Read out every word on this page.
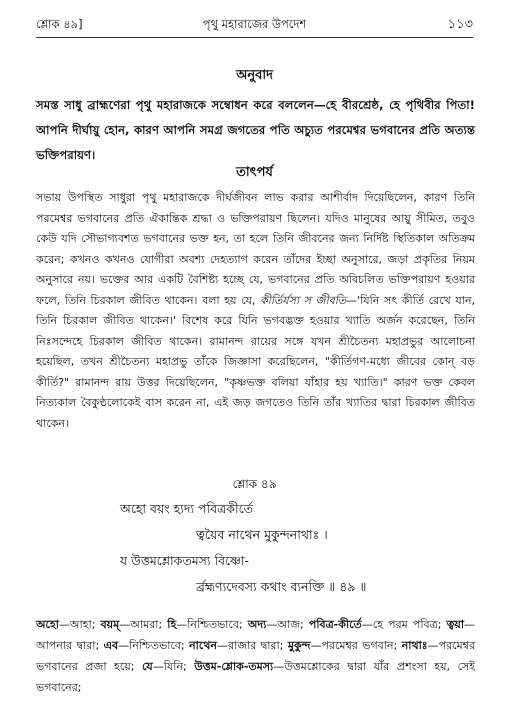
শ্লোক ৪৯]	পৃথু মহারাজের উপদেশ	১১৩
অনুবাদ
সমস্ত সাধু ব্রাহ্মণেরা পৃথু মহারাজকে সম্বোধন করে বললেন—হে বীরশ্রেষ্ঠ, হে পৃথিবীর পিতা! আপনি দীর্ঘায়ু হোন, কারণ আপনি সমগ্র জগতের পতি অচ্যুত পরমেশ্বর ভগবানের প্রতি অত্যন্ত ভক্তিপরায়ণ।
তাৎপর্য
সভায় উপস্থিত সাধুরা পৃথু মহারাজকে দীর্ঘজীবন লাভ করার আশীর্বাদ দিয়েছিলেন, কারণ তিনি পরমেশ্বর ভগবানের প্রতি ঐকান্তিক শ্রদ্ধা ও ভক্তিপরায়ণ ছিলেন। যদিও মানুষের আয়ু সীমিত, তবুও কেউ যদি সৌভাগ্যবশত ভগবানের ভক্ত হন, তা হলে তিনি জীবনের জন্য নির্দিষ্ট স্থিতিকাল অতিক্রম করেন; কখনও কখনও যোগীরা অবশ্য দেহত্যাগ করেন তাঁদের ইচ্ছা অনুসারে, জড়া প্রকৃতির নিয়ম অনুসারে নয়। ভক্তের আর একটি বৈশিষ্ট্য হচ্ছে যে, ভগবানের প্রতি অবিচলিত ভক্তিপরায়ণ হওয়ার ফলে, তিনি চিরকাল জীবিত থাকেন। বলা হয় যে, কীর্তির্যস্য স জীবতি—'যিনি সৎ কীর্তি রেখে যান, তিনি চিরকাল জীবিত থাকেন।' বিশেষ করে যিনি ভগবদ্ভক্ত হওয়ার খ্যাতি অর্জন করেছেন, তিনি নিঃসন্দেহে চিরকাল জীবিত থাকেন। রামানন্দ রায়ের সঙ্গে যখন শ্রীচৈতন্য মহাপ্রভুর আলোচনা হয়েছিল, তখন শ্রীচৈতন্য মহাপ্রভু তাঁকে জিজ্ঞাসা করেছিলেন, "কীর্তিগণ-মধ্যে জীবের কোন্ বড় কীর্তি?" রামানন্দ রায় উত্তর দিয়েছিলেন, "কৃষ্ণভক্ত বলিয়া যাঁহার হয় খ্যাতি।" কারণ ভক্ত কেবল নিত্যকাল বৈকুণ্ঠলোকেই বাস করেন না, এই জড় জগতেও তিনি তাঁর খ্যাতির দ্বারা চিরকাল জীবিত থাকেন।
শ্লোক ৪৯
অহো বয়ং হ্যদ্য পবিত্রকীর্তে
ত্বয়ৈব নাথেন মুকুন্দনাথাঃ ।
য উত্তমশ্লোকতমস্য বিষ্ণো-
র্ব্রহ্মণ্যদেবস্য কথাং ব্যনক্তি ॥ ৪৯ ॥
অহো—আহা; বয়ম্—আমরা; হি—নিশ্চিতভাবে; অদ্য—আজ; পবিত্র-কীর্তে—হে পরম পবিত্র; ত্বয়া—আপনার দ্বারা; এব—নিশ্চিতভাবে; নাথেন—রাজার দ্বারা; মুকুন্দ—পরমেশ্বর ভগবান; নাথাঃ—পরমেশ্বর ভগবানের প্রজা হয়ে; যে—যিনি; উত্তম-শ্লোক-তমস্য—উত্তমশ্লোকের দ্বারা যাঁর প্রশংসা হয়, সেই ভগবানের;
